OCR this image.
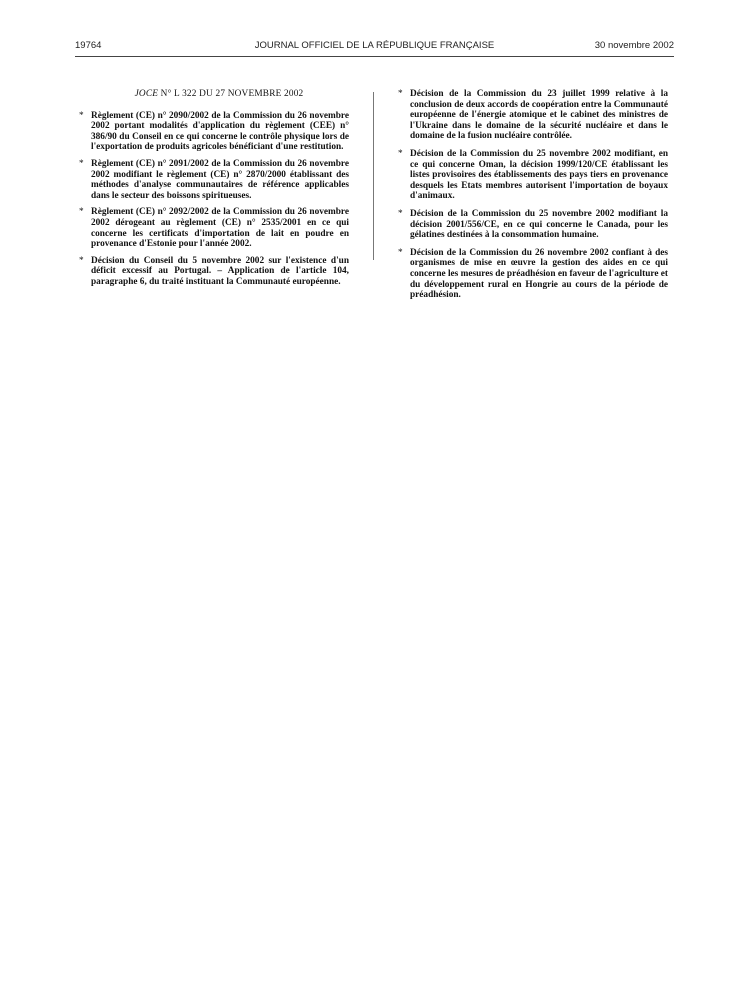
19764	JOURNAL OFFICIEL DE LA RÉPUBLIQUE FRANÇAISE	30 novembre 2002

JOCE N° L 322 DU 27 NOVEMBRE 2002

* Règlement (CE) n° 2090/2002 de la Commission du 26 novembre 2002 portant modalités d'application du règlement (CEE) n° 386/90 du Conseil en ce qui concerne le contrôle physique lors de l'exportation de produits agricoles bénéficiant d'une restitution.
* Règlement (CE) n° 2091/2002 de la Commission du 26 novembre 2002 modifiant le règlement (CE) n° 2870/2000 établissant des méthodes d'analyse communautaires de référence applicables dans le secteur des boissons spiritueuses.
* Règlement (CE) n° 2092/2002 de la Commission du 26 novembre 2002 dérogeant au règlement (CE) n° 2535/2001 en ce qui concerne les certificats d'importation de lait en poudre en provenance d'Estonie pour l'année 2002.
* Décision du Conseil du 5 novembre 2002 sur l'existence d'un déficit excessif au Portugal. – Application de l'article 104, paragraphe 6, du traité instituant la Communauté européenne.
* Décision de la Commission du 23 juillet 1999 relative à la conclusion de deux accords de coopération entre la Communauté européenne de l'énergie atomique et le cabinet des ministres de l'Ukraine dans le domaine de la sécurité nucléaire et dans le domaine de la fusion nucléaire contrôlée.
* Décision de la Commission du 25 novembre 2002 modifiant, en ce qui concerne Oman, la décision 1999/120/CE établissant les listes provisoires des établissements des pays tiers en provenance desquels les Etats membres autorisent l'importation de boyaux d'animaux.
* Décision de la Commission du 25 novembre 2002 modifiant la décision 2001/556/CE, en ce qui concerne le Canada, pour les gélatines destinées à la consommation humaine.
* Décision de la Commission du 26 novembre 2002 confiant à des organismes de mise en œuvre la gestion des aides en ce qui concerne les mesures de préadhésion en faveur de l'agriculture et du développement rural en Hongrie au cours de la période de préadhésion.
